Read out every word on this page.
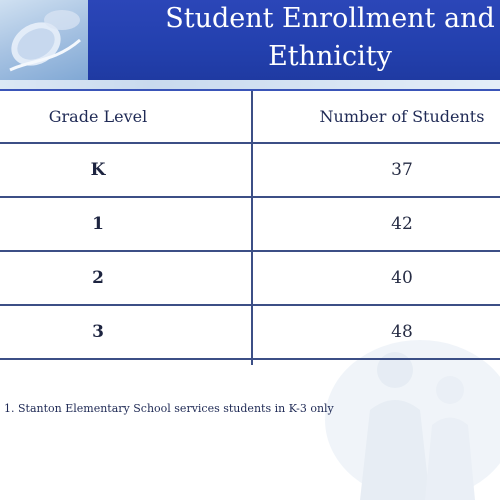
Student Enrollment and
Ethnicity
Grade Level	Number of Students
K	37
1	42
2	40
3	48
1. Stanton Elementary School services students in K-3 only
